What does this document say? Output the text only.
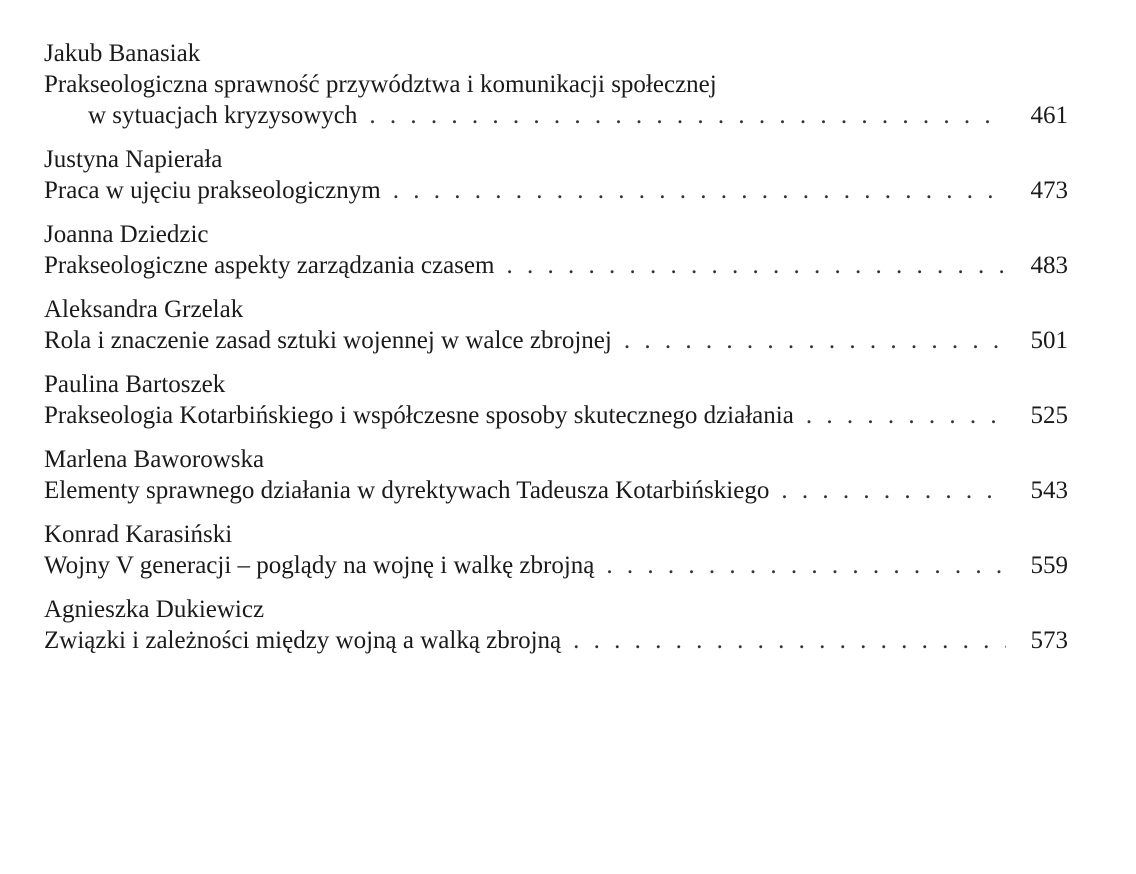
Jakub Banasiak
Prakseologiczna sprawność przywództwa i komunikacji społecznej
w sytuacjach kryzysowych . . .	461
Justyna Napierała
Praca w ujęciu prakseologicznym . . .	473
Joanna Dziedzic
Prakseologiczne aspekty zarządzania czasem . . .	483
Aleksandra Grzelak
Rola i znaczenie zasad sztuki wojennej w walce zbrojnej . . .	501
Paulina Bartoszek
Prakseologia Kotarbińskiego i współczesne sposoby skutecznego działania . . .	525
Marlena Baworowska
Elementy sprawnego działania w dyrektywach Tadeusza Kotarbińskiego . . .	543
Konrad Karasiński
Wojny V generacji – poglądy na wojnę i walkę zbrojną . . .	559
Agnieszka Dukiewicz
Związki i zależności między wojną a walką zbrojną . . .	573
